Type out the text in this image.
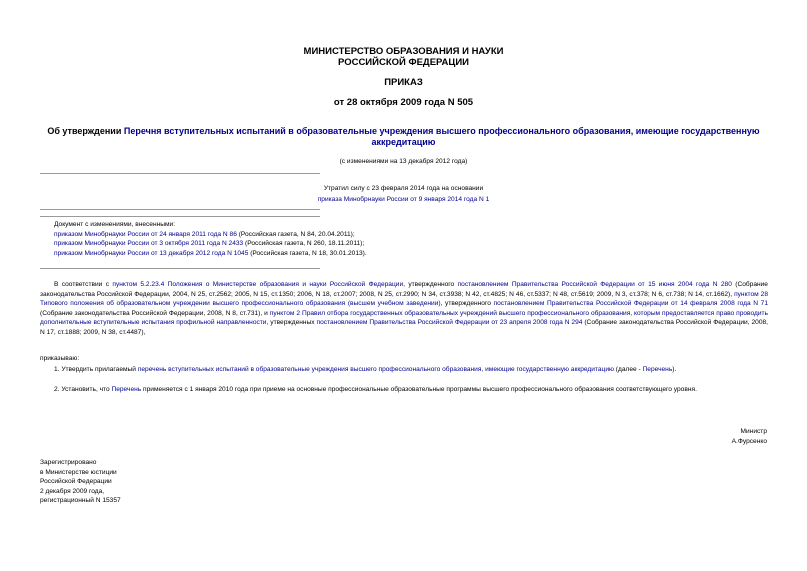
МИНИСТЕРСТВО ОБРАЗОВАНИЯ И НАУКИ
РОССИЙСКОЙ ФЕДЕРАЦИИ
ПРИКАЗ
от 28 октября 2009 года N 505
Об утверждении Перечня вступительных испытаний в образовательные учреждения высшего профессионального образования, имеющие государственную аккредитацию
(с изменениями на 13 декабря 2012 года)
Утратил силу с 23 февраля 2014 года на основании
приказа Минобрнауки России от 9 января 2014 года N 1
Документ с изменениями, внесенными:
приказом Минобрнауки России от 24 января 2011 года N 86 (Российская газета, N 84, 20.04.2011);
приказом Минобрнауки России от 3 октября 2011 года N 2433 (Российская газета, N 260, 18.11.2011);
приказом Минобрнауки России от 13 декабря 2012 года N 1045 (Российская газета, N 18, 30.01.2013).
В соответствии с пунктом 5.2.23.4 Положения о Министерстве образования и науки Российской Федерации, утвержденного постановлением Правительства Российской Федерации от 15 июня 2004 года N 280 (Собрание законодательства Российской Федерации, 2004, N 25, ст.2562; 2005, N 15, ст.1350; 2006, N 18, ст.2007; 2008, N 25, ст.2990; N 34, ст.3938; N 42, ст.4825; N 46, ст.5337; N 48, ст.5619; 2009, N 3, ст.378; N 6, ст.738; N 14, ст.1662), пунктом 28 Типового положения об образовательном учреждении высшего профессионального образования (высшем учебном заведении), утвержденного постановлением Правительства Российской Федерации от 14 февраля 2008 года N 71 (Собрание законодательства Российской Федерации, 2008, N 8, ст.731), и пунктом 2 Правил отбора государственных образовательных учреждений высшего профессионального образования, которым предоставляется право проводить дополнительные вступительные испытания профильной направленности, утвержденных постановлением Правительства Российской Федерации от 23 апреля 2008 года N 294 (Собрание законодательства Российской Федерации, 2008, N 17, ст.1888; 2009, N 38, ст.4487),
приказываю:
1. Утвердить прилагаемый перечень вступительных испытаний в образовательные учреждения высшего профессионального образования, имеющие государственную аккредитацию (далее - Перечень).
2. Установить, что Перечень применяется с 1 января 2010 года при приеме на основные профессиональные образовательные программы высшего профессионального образования соответствующего уровня.
Министр
А.Фурсенко
Зарегистрировано
в Министерстве юстиции
Российской Федерации
2 декабря 2009 года,
регистрационный N 15357
